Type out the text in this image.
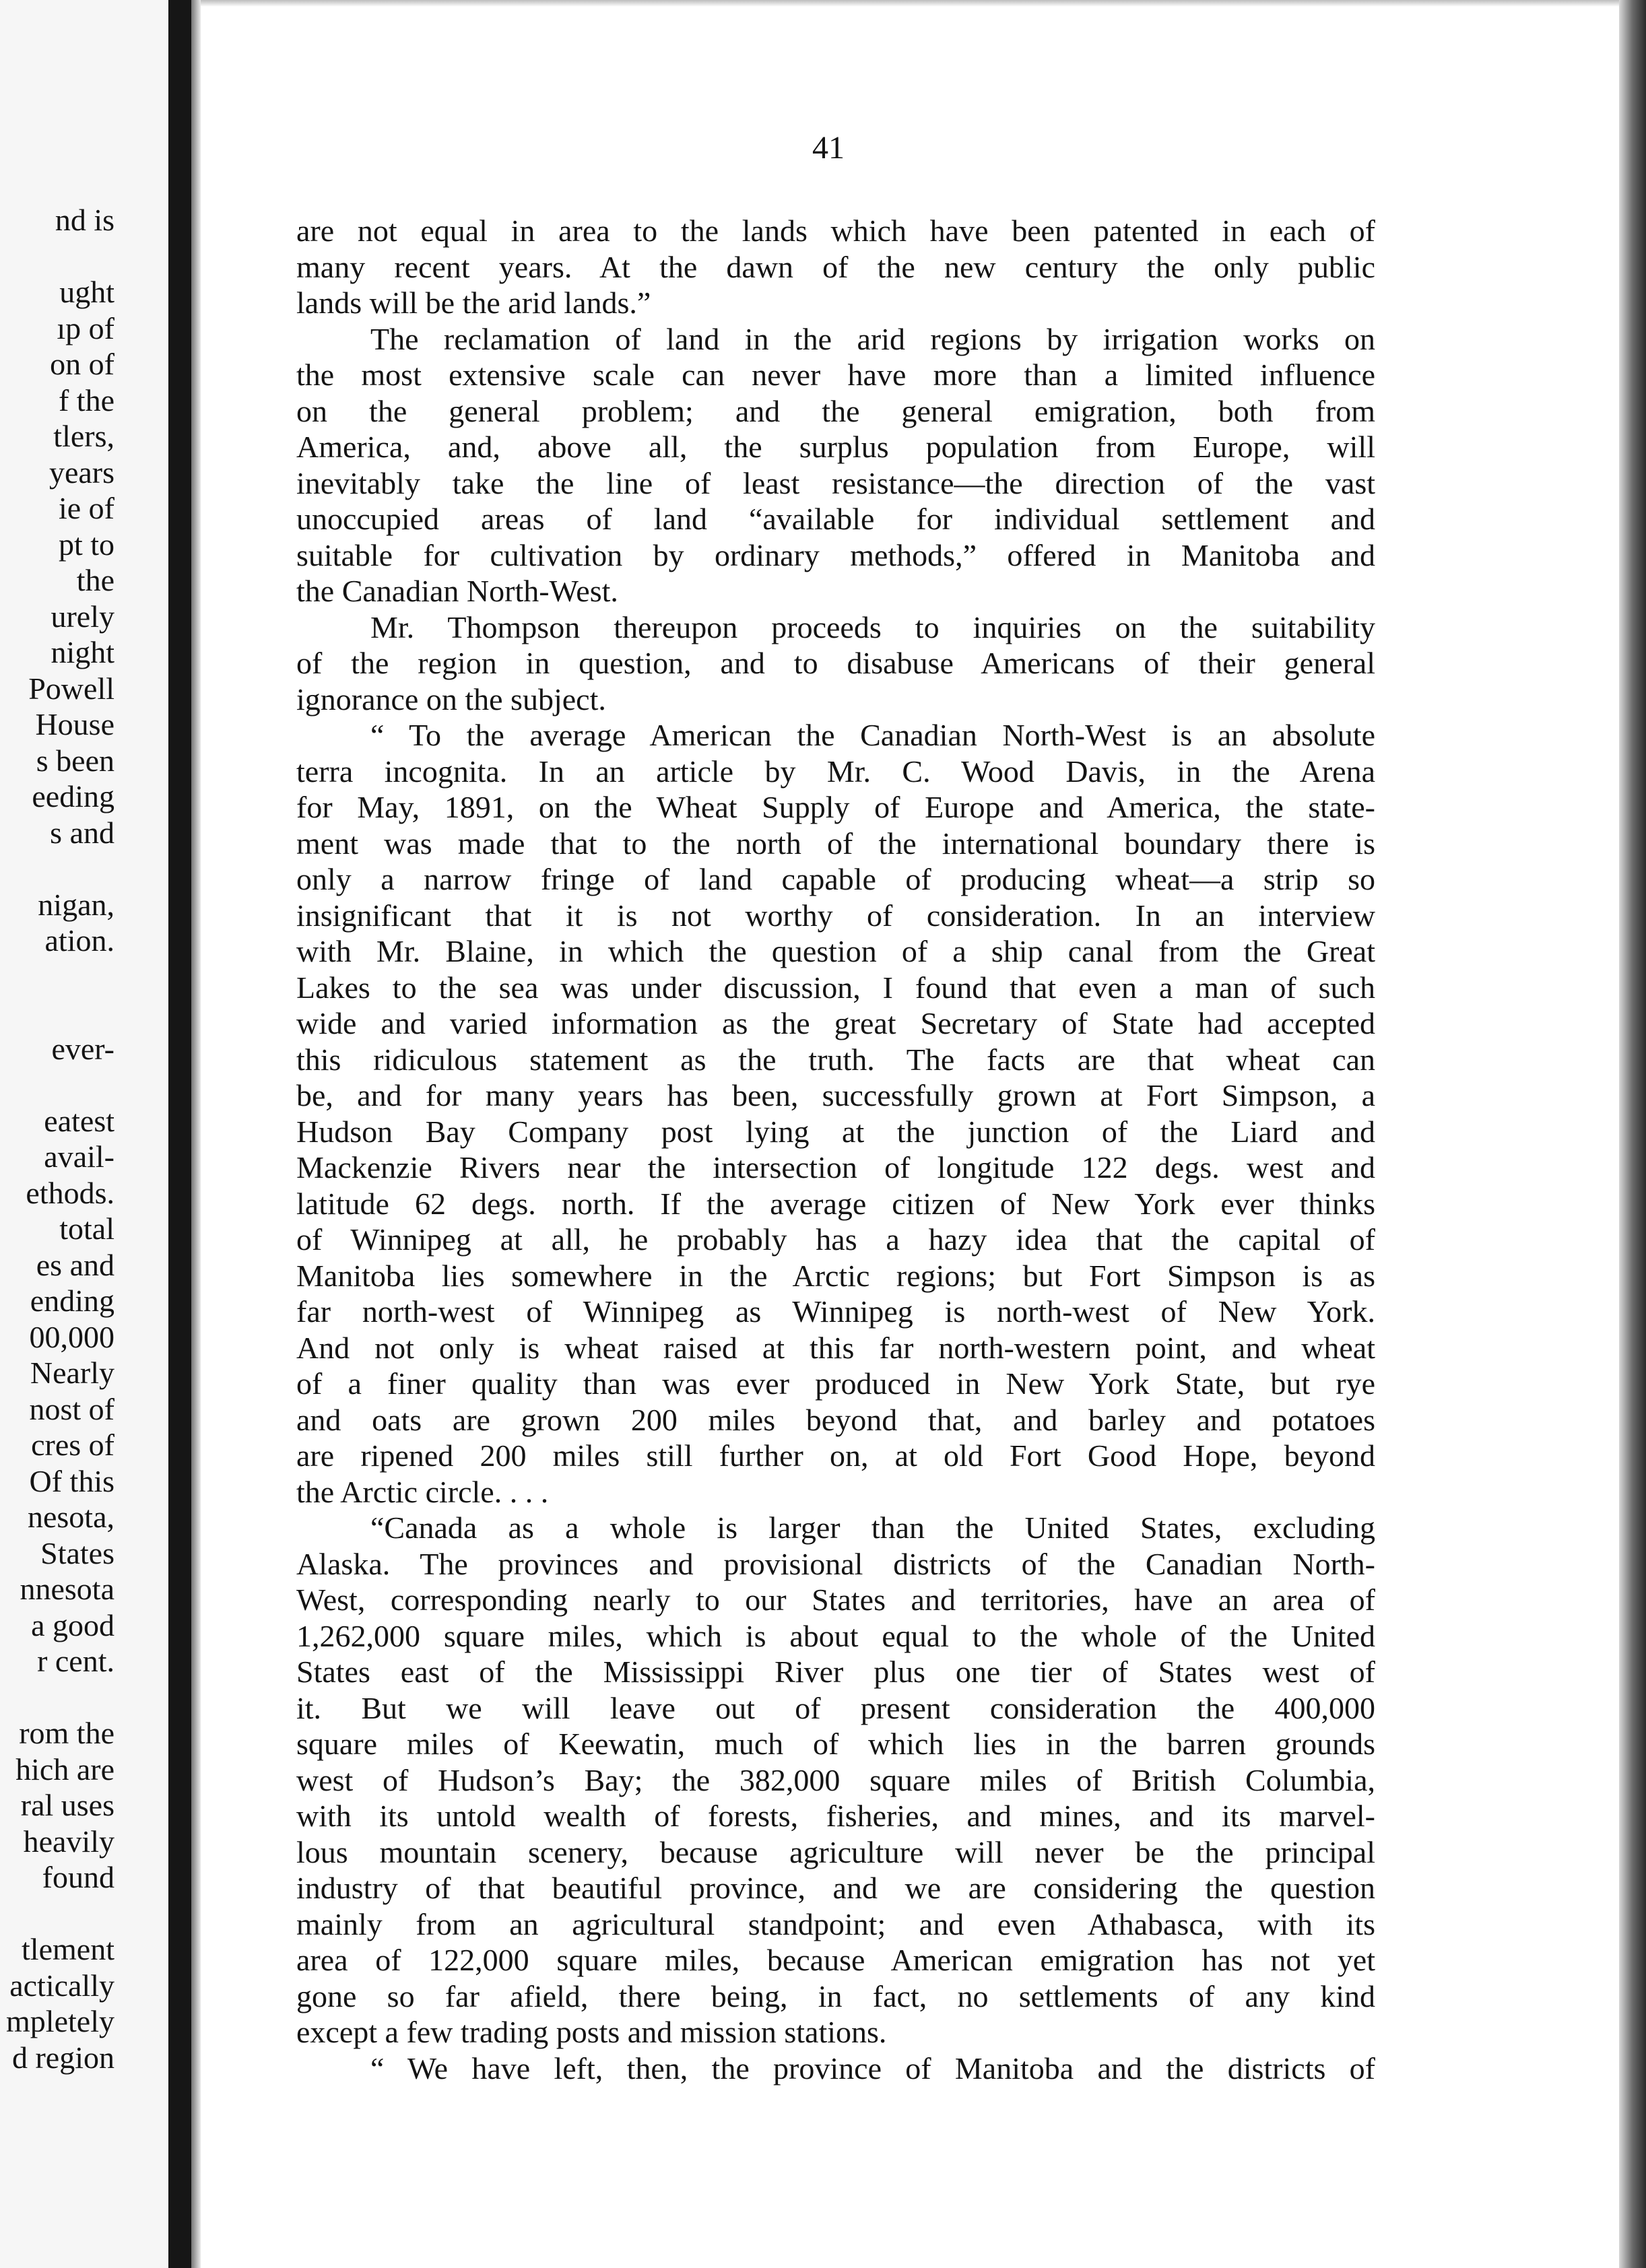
nd is
ught
ıp of
on of
f the
tlers,
years
ie of
pt to
the
urely
night
Powell
House
s been
eeding
s and
nigan,
ation.
ever-
eatest
avail-
ethods.
total
es and
ending
00,000
Nearly
nost of
cres of
Of this
nesota,
States
nnesota
a good
r cent.
rom the
hich are
ral uses
heavily
found
tlement
actically
mpletely
d region
41
are not equal in area to the lands which have been patented in each of
many recent years. At the dawn of the new century the only public
lands will be the arid lands.”
The reclamation of land in the arid regions by irrigation works on
the most extensive scale can never have more than a limited influence
on the general problem; and the general emigration, both from
America, and, above all, the surplus population from Europe, will
inevitably take the line of least resistance—the direction of the vast
unoccupied areas of land “available for individual settlement and
suitable for cultivation by ordinary methods,” offered in Manitoba and
the Canadian North-West.
Mr. Thompson thereupon proceeds to inquiries on the suitability
of the region in question, and to disabuse Americans of their general
ignorance on the subject.
“ To the average American the Canadian North-West is an absolute
terra incognita. In an article by Mr. C. Wood Davis, in the Arena
for May, 1891, on the Wheat Supply of Europe and America, the state-
ment was made that to the north of the international boundary there is
only a narrow fringe of land capable of producing wheat—a strip so
insignificant that it is not worthy of consideration. In an interview
with Mr. Blaine, in which the question of a ship canal from the Great
Lakes to the sea was under discussion, I found that even a man of such
wide and varied information as the great Secretary of State had accepted
this ridiculous statement as the truth. The facts are that wheat can
be, and for many years has been, successfully grown at Fort Simpson, a
Hudson Bay Company post lying at the junction of the Liard and
Mackenzie Rivers near the intersection of longitude 122 degs. west and
latitude 62 degs. north. If the average citizen of New York ever thinks
of Winnipeg at all, he probably has a hazy idea that the capital of
Manitoba lies somewhere in the Arctic regions; but Fort Simpson is as
far north-west of Winnipeg as Winnipeg is north-west of New York.
And not only is wheat raised at this far north-western point, and wheat
of a finer quality than was ever produced in New York State, but rye
and oats are grown 200 miles beyond that, and barley and potatoes
are ripened 200 miles still further on, at old Fort Good Hope, beyond
the Arctic circle. . . .
“Canada as a whole is larger than the United States, excluding
Alaska. The provinces and provisional districts of the Canadian North-
West, corresponding nearly to our States and territories, have an area of
1,262,000 square miles, which is about equal to the whole of the United
States east of the Mississippi River plus one tier of States west of
it. But we will leave out of present consideration the 400,000
square miles of Keewatin, much of which lies in the barren grounds
west of Hudson’s Bay; the 382,000 square miles of British Columbia,
with its untold wealth of forests, fisheries, and mines, and its marvel-
lous mountain scenery, because agriculture will never be the principal
industry of that beautiful province, and we are considering the question
mainly from an agricultural standpoint; and even Athabasca, with its
area of 122,000 square miles, because American emigration has not yet
gone so far afield, there being, in fact, no settlements of any kind
except a few trading posts and mission stations.
“ We have left, then, the province of Manitoba and the districts of
